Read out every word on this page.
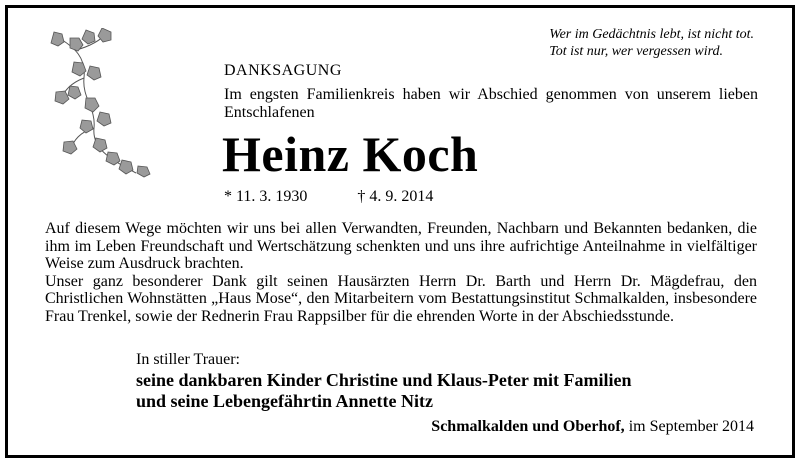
Wer im Gedächtnis lebt, ist nicht tot.
Tot ist nur, wer vergessen wird.
DANKSAGUNG
Im engsten Familienkreis haben wir Abschied genommen von unserem lieben Entschlafenen
Heinz Koch
* 11. 3. 1930	† 4. 9. 2014

Auf diesem Wege möchten wir uns bei allen Verwandten, Freunden, Nachbarn und Bekannten bedanken, die ihm im Leben Freundschaft und Wertschätzung schenkten und uns ihre aufrichtige Anteilnahme in vielfältiger Weise zum Ausdruck brachten.

Unser ganz besonderer Dank gilt seinen Hausärzten Herrn Dr. Barth und Herrn Dr. Mägdefrau, den Christlichen Wohnstätten „Haus Mose“, den Mitarbeitern vom Bestattungsinstitut Schmalkalden, insbesondere Frau Trenkel, sowie der Rednerin Frau Rappsilber für die ehrenden Worte in der Abschiedsstunde.

In stiller Trauer:
seine dankbaren Kinder Christine und Klaus-Peter mit Familien
und seine Lebengefährtin Annette Nitz
Schmalkalden und Oberhof, im September 2014
